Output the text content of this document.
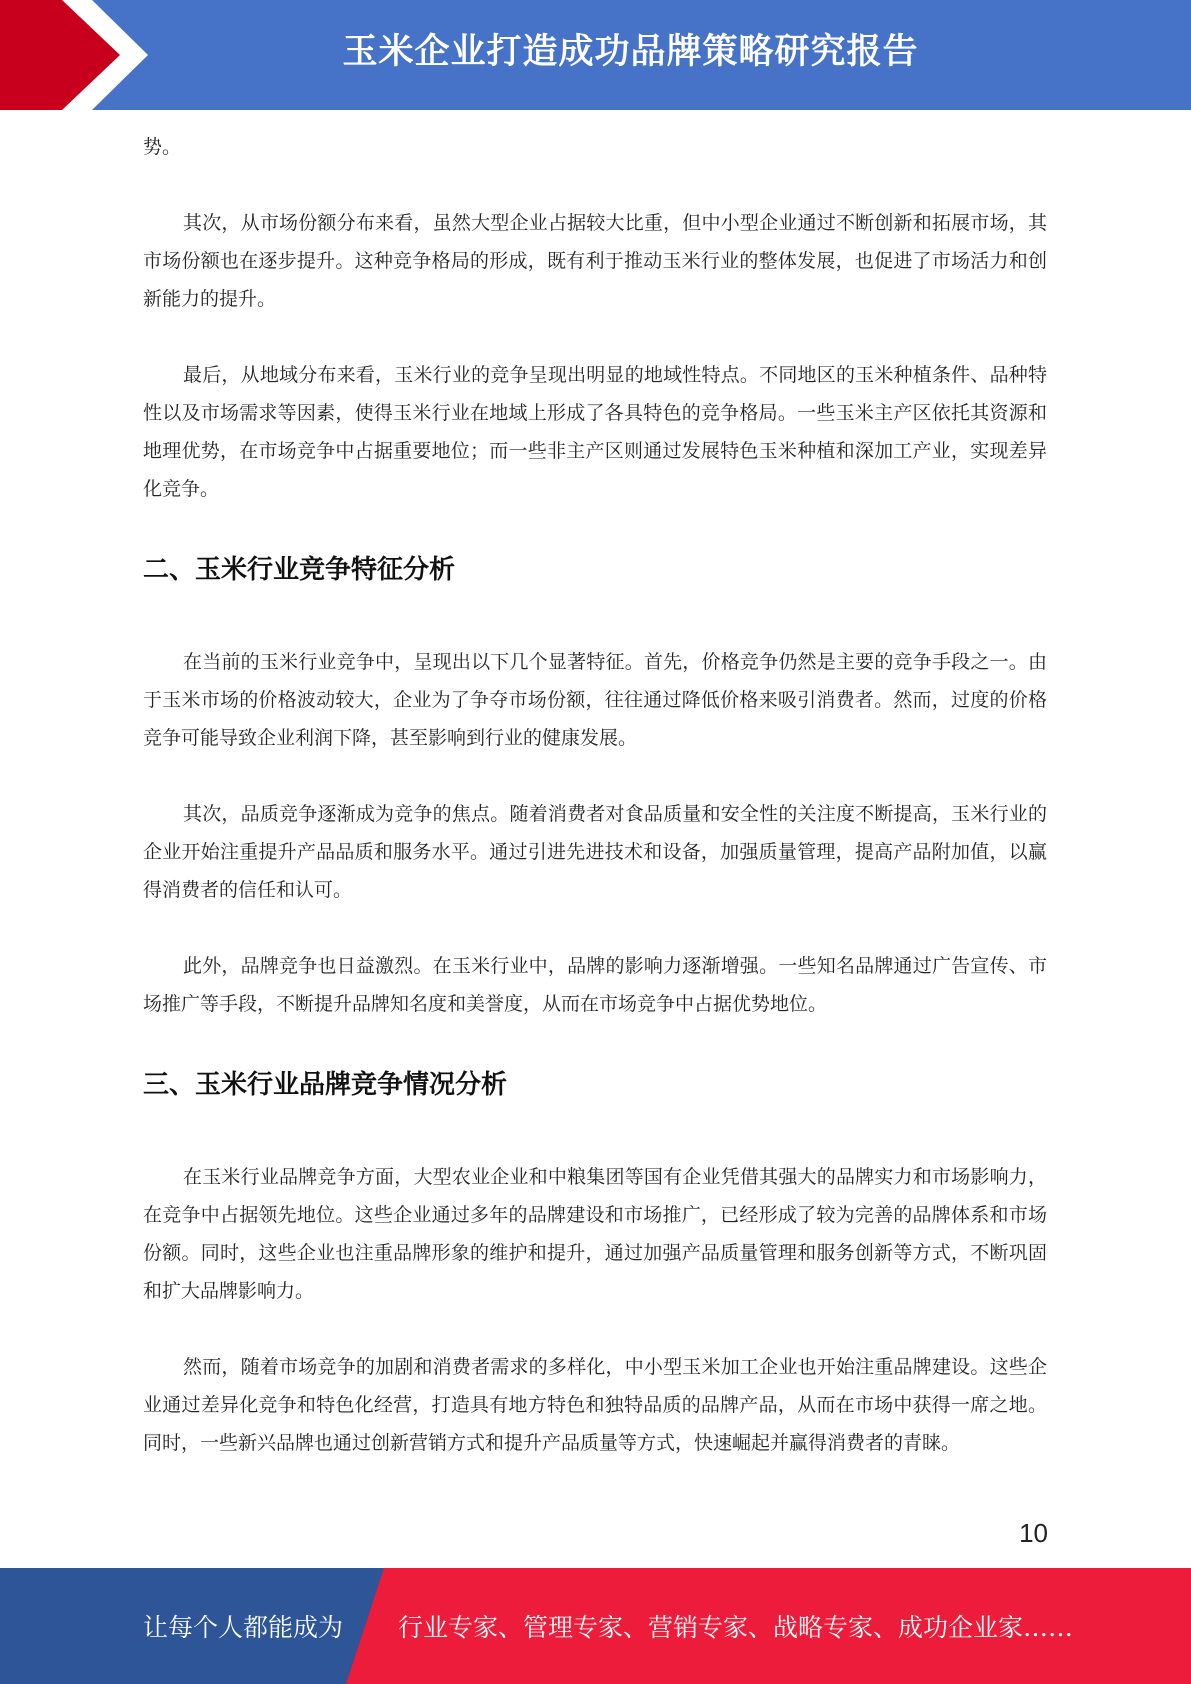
玉米企业打造成功品牌策略研究报告

势。

其次，从市场份额分布来看，虽然大型企业占据较大比重，但中小型企业通过不断创新和拓展市场，其市场份额也在逐步提升。这种竞争格局的形成，既有利于推动玉米行业的整体发展，也促进了市场活力和创新能力的提升。

最后，从地域分布来看，玉米行业的竞争呈现出明显的地域性特点。不同地区的玉米种植条件、品种特性以及市场需求等因素，使得玉米行业在地域上形成了各具特色的竞争格局。一些玉米主产区依托其资源和地理优势，在市场竞争中占据重要地位；而一些非主产区则通过发展特色玉米种植和深加工产业，实现差异化竞争。

二、玉米行业竞争特征分析

在当前的玉米行业竞争中，呈现出以下几个显著特征。首先，价格竞争仍然是主要的竞争手段之一。由于玉米市场的价格波动较大，企业为了争夺市场份额，往往通过降低价格来吸引消费者。然而，过度的价格竞争可能导致企业利润下降，甚至影响到行业的健康发展。

其次，品质竞争逐渐成为竞争的焦点。随着消费者对食品质量和安全性的关注度不断提高，玉米行业的企业开始注重提升产品品质和服务水平。通过引进先进技术和设备，加强质量管理，提高产品附加值，以赢得消费者的信任和认可。

此外，品牌竞争也日益激烈。在玉米行业中，品牌的影响力逐渐增强。一些知名品牌通过广告宣传、市场推广等手段，不断提升品牌知名度和美誉度，从而在市场竞争中占据优势地位。

三、玉米行业品牌竞争情况分析

在玉米行业品牌竞争方面，大型农业企业和中粮集团等国有企业凭借其强大的品牌实力和市场影响力，在竞争中占据领先地位。这些企业通过多年的品牌建设和市场推广，已经形成了较为完善的品牌体系和市场份额。同时，这些企业也注重品牌形象的维护和提升，通过加强产品质量管理和服务创新等方式，不断巩固和扩大品牌影响力。

然而，随着市场竞争的加剧和消费者需求的多样化，中小型玉米加工企业也开始注重品牌建设。这些企业通过差异化竞争和特色化经营，打造具有地方特色和独特品质的品牌产品，从而在市场中获得一席之地。同时，一些新兴品牌也通过创新营销方式和提升产品质量等方式，快速崛起并赢得消费者的青睐。

10

让每个人都能成为 行业专家、管理专家、营销专家、战略专家、成功企业家……
